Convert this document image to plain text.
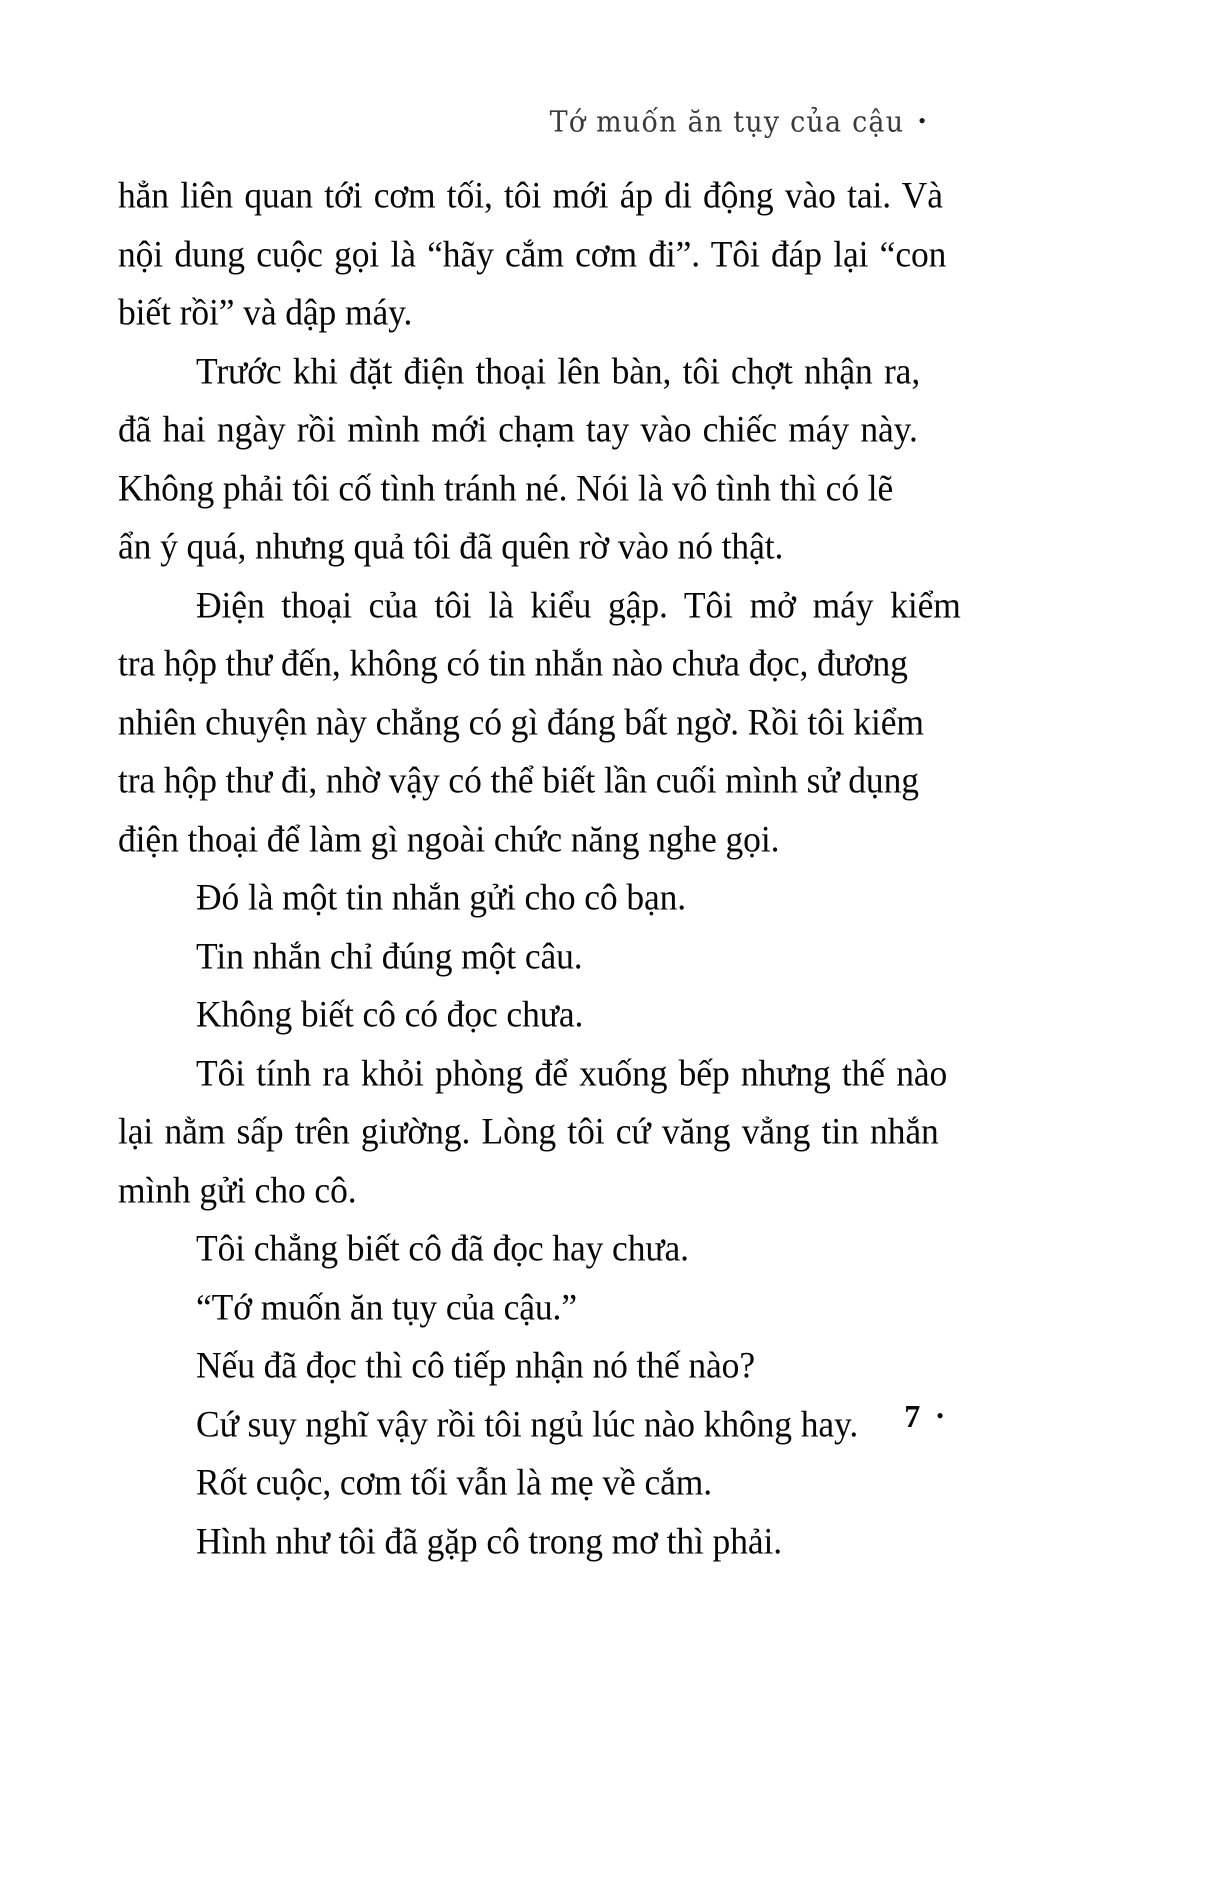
Tớ muốn ăn tụy của cậu •
hẳn liên quan tới cơm tối, tôi mới áp di động vào tai. Và
nội dung cuộc gọi là “hãy cắm cơm đi”. Tôi đáp lại “con
biết rồi” và dập máy.
Trước khi đặt điện thoại lên bàn, tôi chợt nhận ra,
đã hai ngày rồi mình mới chạm tay vào chiếc máy này.
Không phải tôi cố tình tránh né. Nói là vô tình thì có lẽ
ẩn ý quá, nhưng quả tôi đã quên rờ vào nó thật.
Điện thoại của tôi là kiểu gập. Tôi mở máy kiểm
tra hộp thư đến, không có tin nhắn nào chưa đọc, đương
nhiên chuyện này chẳng có gì đáng bất ngờ. Rồi tôi kiểm
tra hộp thư đi, nhờ vậy có thể biết lần cuối mình sử dụng
điện thoại để làm gì ngoài chức năng nghe gọi.
Đó là một tin nhắn gửi cho cô bạn.
Tin nhắn chỉ đúng một câu.
Không biết cô có đọc chưa.
Tôi tính ra khỏi phòng để xuống bếp nhưng thế nào
lại nằm sấp trên giường. Lòng tôi cứ văng vẳng tin nhắn
mình gửi cho cô.
Tôi chẳng biết cô đã đọc hay chưa.
“Tớ muốn ăn tụy của cậu.”
Nếu đã đọc thì cô tiếp nhận nó thế nào?
Cứ suy nghĩ vậy rồi tôi ngủ lúc nào không hay.
Rốt cuộc, cơm tối vẫn là mẹ về cắm.
Hình như tôi đã gặp cô trong mơ thì phải.
7 •
